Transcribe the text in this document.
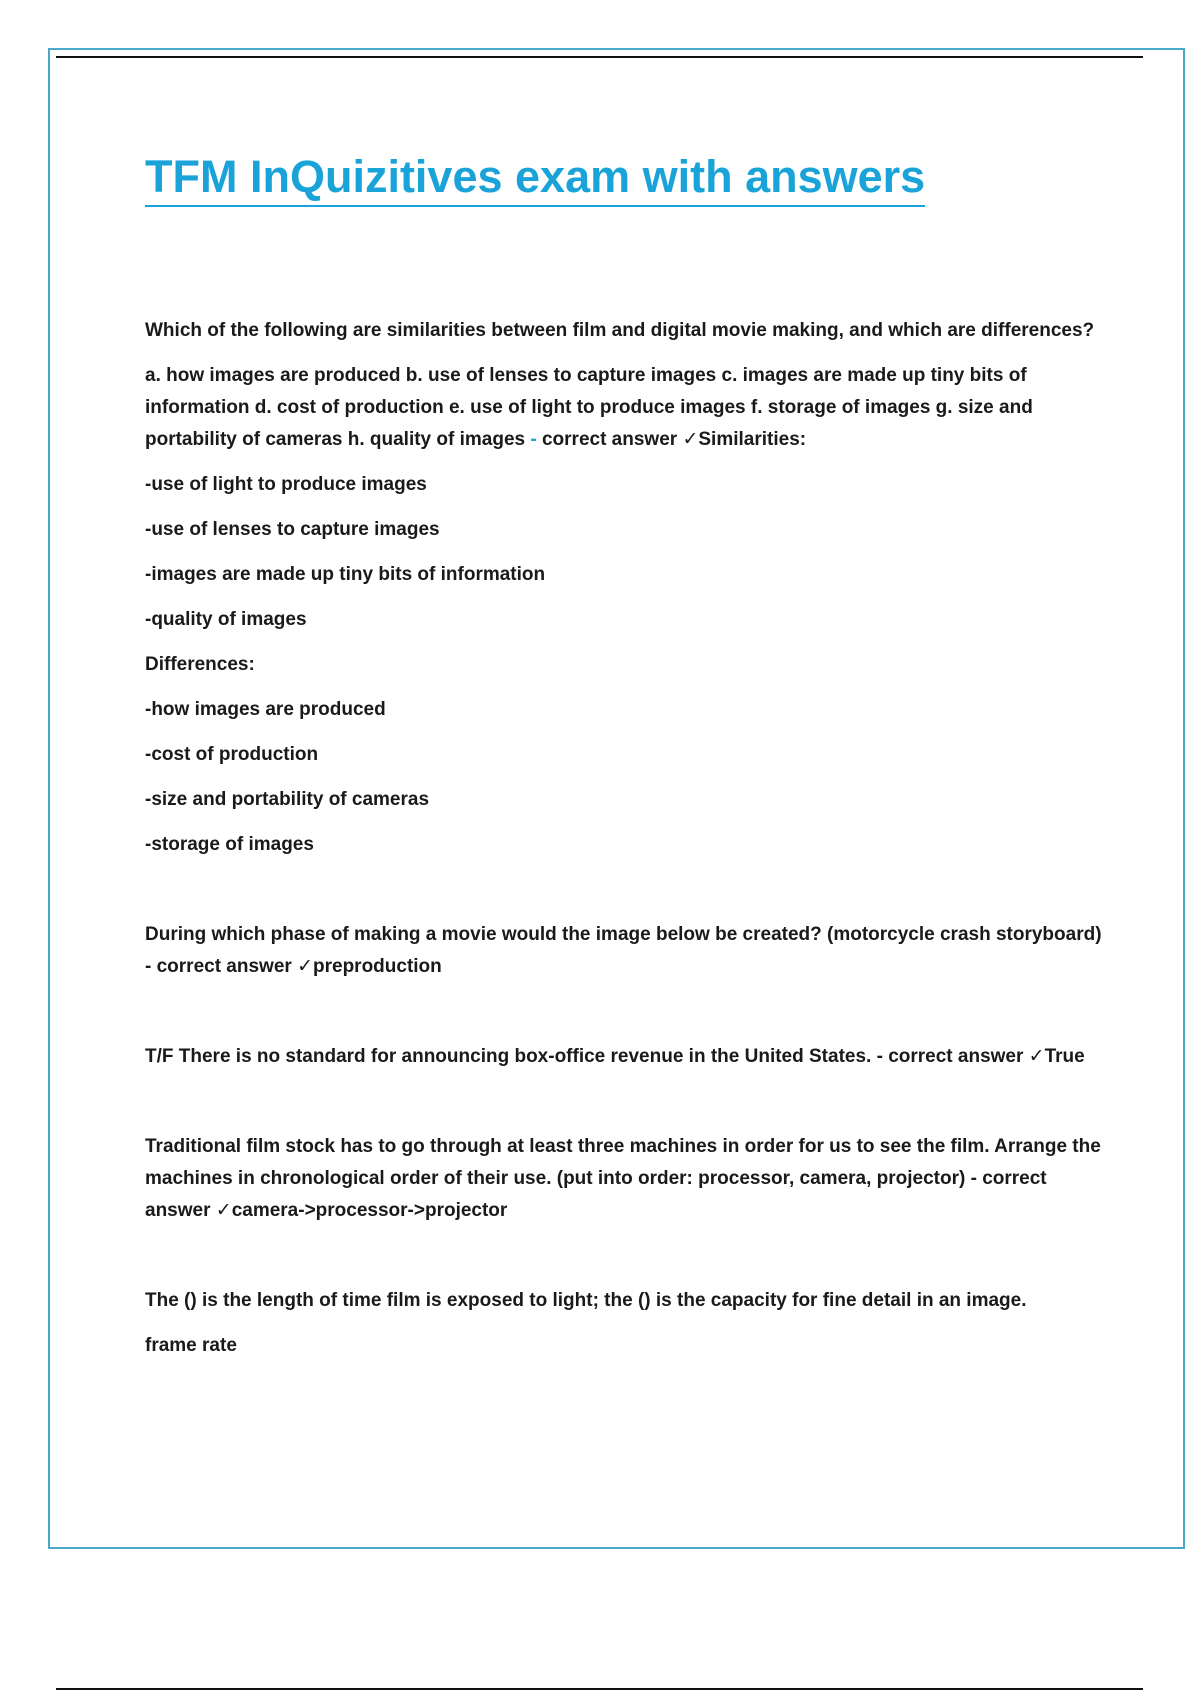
TFM InQuizitives exam with answers

Which of the following are similarities between film and digital movie making, and which are differences?

a. how images are produced b. use of lenses to capture images c. images are made up tiny bits of information d. cost of production e. use of light to produce images f. storage of images g. size and portability of cameras h. quality of images - correct answer ✓Similarities:

-use of light to produce images
-use of lenses to capture images
-images are made up tiny bits of information
-quality of images
Differences:
-how images are produced
-cost of production
-size and portability of cameras
-storage of images

During which phase of making a movie would the image below be created? (motorcycle crash storyboard) - correct answer ✓preproduction

T/F There is no standard for announcing box-office revenue in the United States. - correct answer ✓True

Traditional film stock has to go through at least three machines in order for us to see the film. Arrange the machines in chronological order of their use. (put into order: processor, camera, projector) - correct answer ✓camera->processor->projector

The () is the length of time film is exposed to light; the () is the capacity for fine detail in an image.

frame rate
